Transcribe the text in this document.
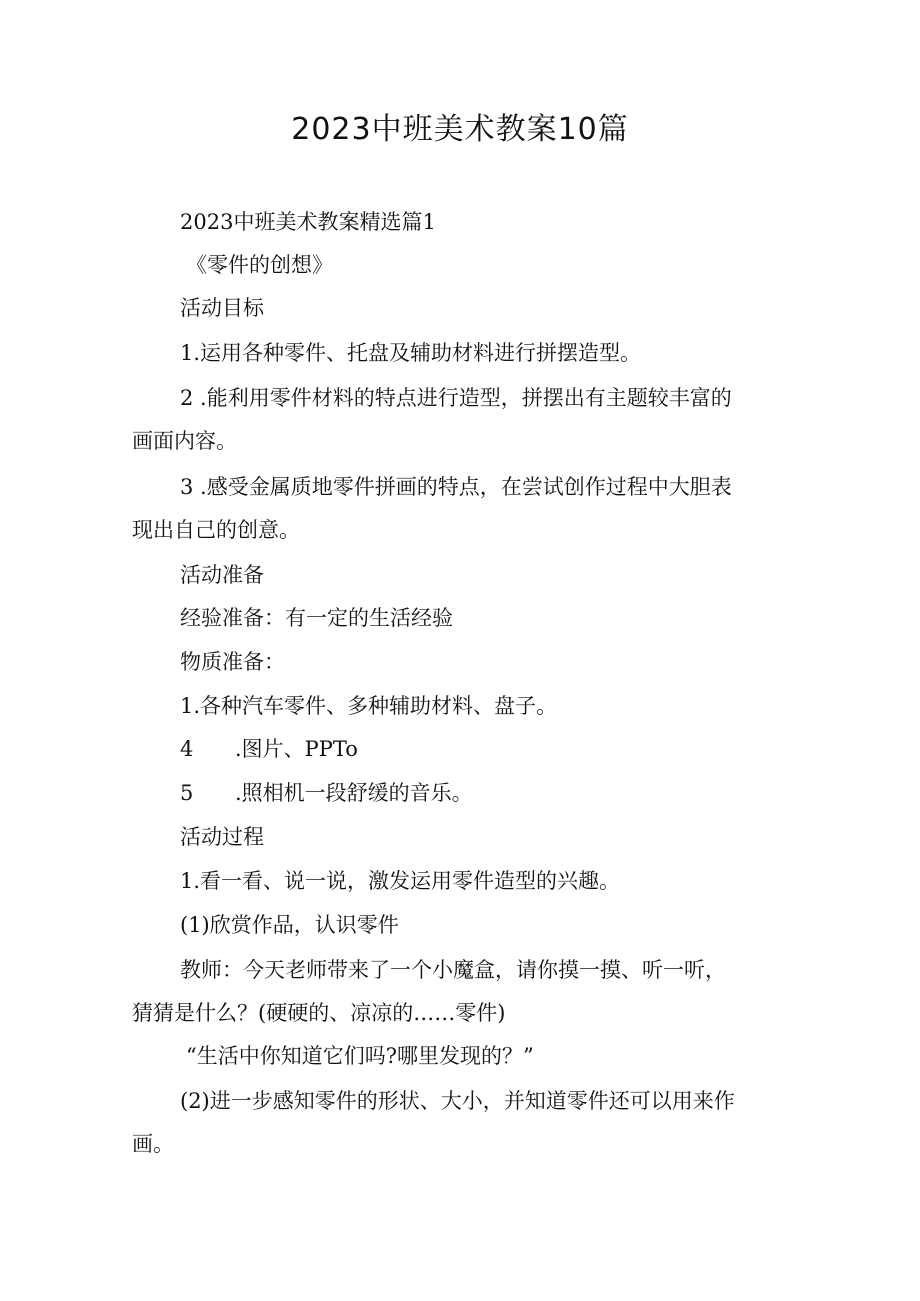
2023中班美术教案10篇
2023中班美术教案精选篇1
《零件的创想》
活动目标
1.运用各种零件、托盘及辅助材料进行拼摆造型。
2 .能利用零件材料的特点进行造型，拼摆出有主题较丰富的
画面内容。
3 .感受金属质地零件拼画的特点，在尝试创作过程中大胆表
现出自己的创意。
活动准备
经验准备：有一定的生活经验
物质准备：
1.各种汽车零件、多种辅助材料、盘子。
4 .图片、PPTo
5 .照相机一段舒缓的音乐。
活动过程
1.看一看、说一说，激发运用零件造型的兴趣。
(1)欣赏作品，认识零件
教师：今天老师带来了一个小魔盒，请你摸一摸、听一听，
猜猜是什么？(硬硬的、凉凉的……零件)
“生活中你知道它们吗?哪里发现的？”
(2)进一步感知零件的形状、大小，并知道零件还可以用来作
画。
